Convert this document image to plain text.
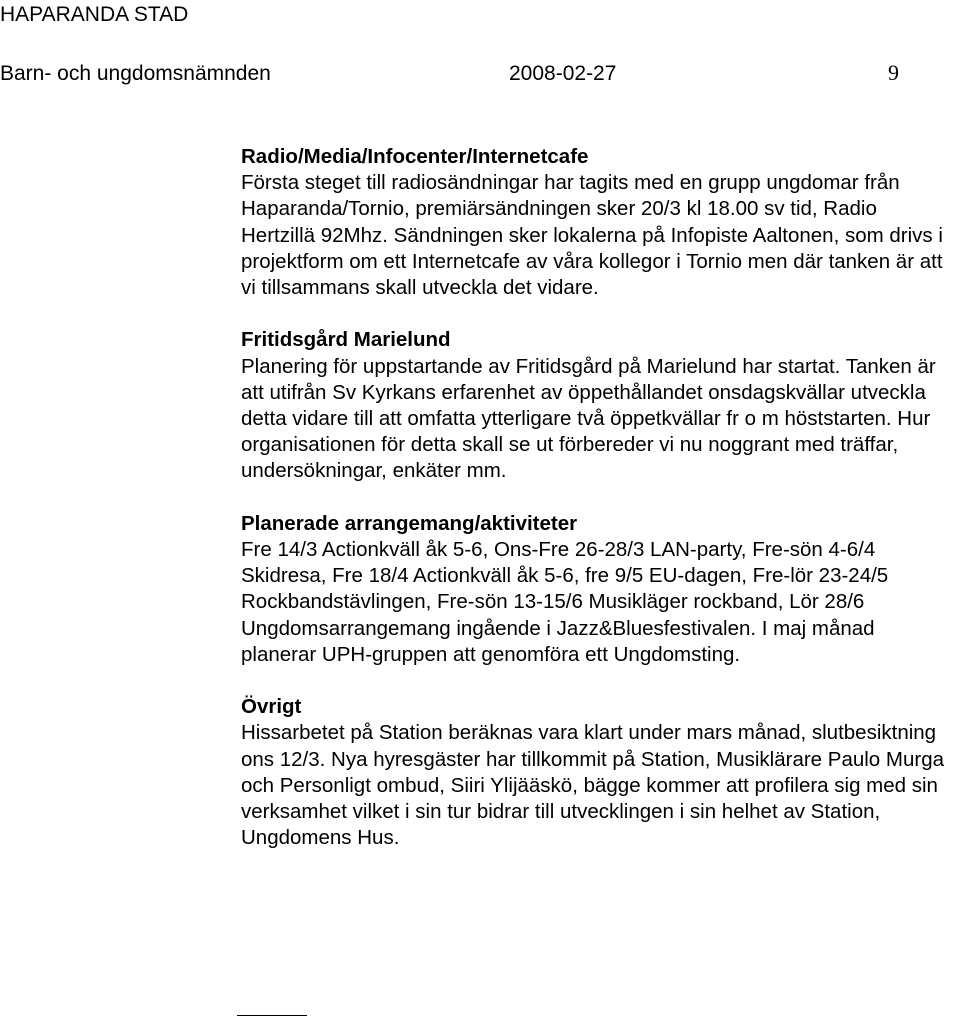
HAPARANDA STAD
Barn- och ungdomsnämnden	2008-02-27	9
Radio/Media/Infocenter/Internetcafe

Första steget till radiosändningar har tagits med en grupp ungdomar från Haparanda/Tornio, premiärsändningen sker 20/3 kl 18.00 sv tid, Radio Hertzillä 92Mhz. Sändningen sker lokalerna på Infopiste Aaltonen, som drivs i projektform om ett Internetcafe av våra kollegor i Tornio men där tanken är att vi tillsammans skall utveckla det vidare.

Fritidsgård Marielund

Planering för uppstartande av Fritidsgård på Marielund har startat. Tanken är att utifrån Sv Kyrkans erfarenhet av öppethållandet onsdagskvällar utveckla detta vidare till att omfatta ytterligare två öppetkvällar fr o m höststarten. Hur organisationen för detta skall se ut förbereder vi nu noggrant med träffar, undersökningar, enkäter mm.

Planerade arrangemang/aktiviteter

Fre 14/3 Actionkväll åk 5-6, Ons-Fre 26-28/3 LAN-party, Fre-sön 4-6/4 Skidresa, Fre 18/4 Actionkväll åk 5-6, fre 9/5 EU-dagen, Fre-lör 23-24/5 Rockbandstävlingen, Fre-sön 13-15/6 Musikläger rockband, Lör 28/6 Ungdomsarrangemang ingående i Jazz&Bluesfestivalen. I maj månad planerar UPH-gruppen att genomföra ett Ungdomsting.

Övrigt

Hissarbetet på Station beräknas vara klart under mars månad, slutbesiktning ons 12/3. Nya hyresgäster har tillkommit på Station, Musiklärare Paulo Murga och Personligt ombud, Siiri Ylijääskö, bägge kommer att profilera sig med sin verksamhet vilket i sin tur bidrar till utvecklingen i sin helhet av Station, Ungdomens Hus.
